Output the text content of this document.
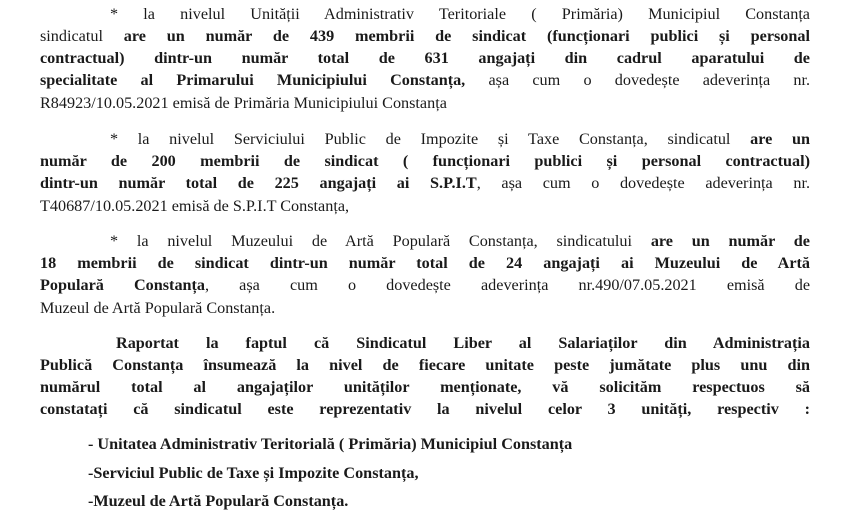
* la nivelul Unității Administrativ Teritoriale ( Primăria) Municipiul Constanța
sindicatul are un număr de 439 membrii de sindicat (funcționari publici și personal
contractual) dintr-un număr total de 631 angajați din cadrul aparatului de
specialitate al Primarului Municipiului Constanța, așa cum o dovedește adeverința nr.
R84923/10.05.2021 emisă de Primăria Municipiului Constanța
* la nivelul Serviciului Public de Impozite și Taxe Constanța, sindicatul are un
număr de 200 membrii de sindicat ( funcționari publici și personal contractual)
dintr-un număr total de 225 angajați ai S.P.I.T, așa cum o dovedește adeverința nr.
T40687/10.05.2021 emisă de S.P.I.T Constanța,
* la nivelul Muzeului de Artă Populară Constanța, sindicatului are un număr de
18 membrii de sindicat dintr-un număr total de 24 angajați ai Muzeului de Artă
Populară Constanța, așa cum o dovedește adeverința nr.490/07.05.2021 emisă de
Muzeul de Artă Populară Constanța.
Raportat la faptul că Sindicatul Liber al Salariaților din Administrația
Publică Constanța însumează la nivel de fiecare unitate peste jumătate plus unu din
numărul total al angajaților unităților menționate, vă solicităm respectuos să
constatați că sindicatul este reprezentativ la nivelul celor 3 unități, respectiv :
- Unitatea Administrativ Teritorială ( Primăria) Municipiul Constanța
-Serviciul Public de Taxe și Impozite Constanța,
-Muzeul de Artă Populară Constanța.
